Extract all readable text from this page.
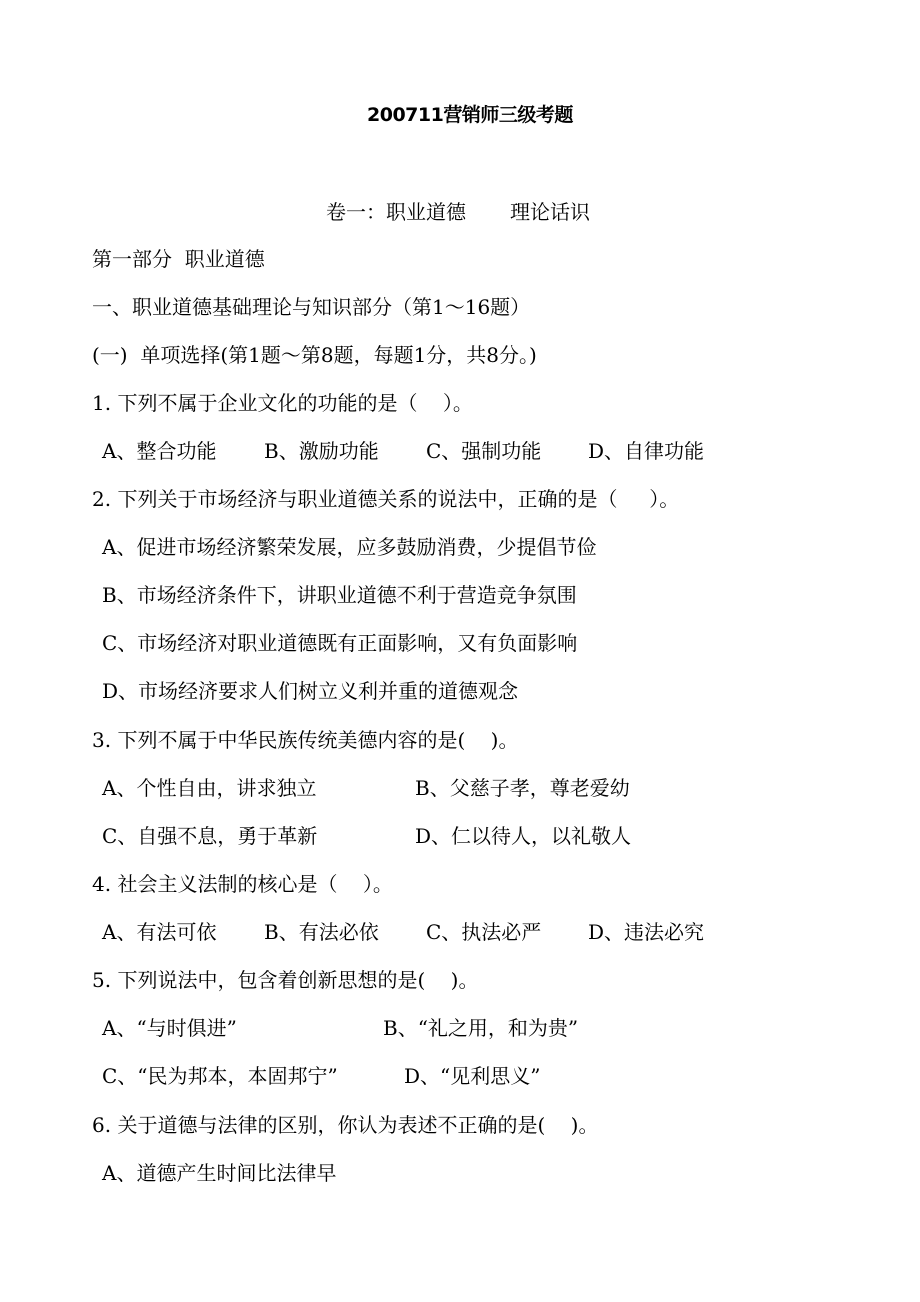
200711营销师三级考题
卷一：职业道德 理论话识
第一部分  职业道德
一、职业道德基础理论与知识部分（第1～16题）
(一)  单项选择(第1题～第8题，每题1分，共8分。)
1. 下列不属于企业文化的功能的是（    ）。
A、整合功能 B、激励功能 C、强制功能 D、自律功能
2. 下列关于市场经济与职业道德关系的说法中，正确的是（     ）。
A、促进市场经济繁荣发展，应多鼓励消费，少提倡节俭
B、市场经济条件下，讲职业道德不利于营造竞争氛围
C、市场经济对职业道德既有正面影响，又有负面影响
D、市场经济要求人们树立义利并重的道德观念
3. 下列不属于中华民族传统美德内容的是(    )。
A、个性自由，讲求独立	B、父慈子孝，尊老爱幼
C、自强不息，勇于革新	D、仁以待人，以礼敬人
4. 社会主义法制的核心是（    ）。
A、有法可依 B、有法必依 C、执法必严 D、违法必究
5. 下列说法中，包含着创新思想的是(    )。
A、“与时俱进”	B、“礼之用，和为贵”
C、“民为邦本，本固邦宁”	D、“见利思义”
6. 关于道德与法律的区别，你认为表述不正确的是(    )。
A、道德产生时间比法律早
